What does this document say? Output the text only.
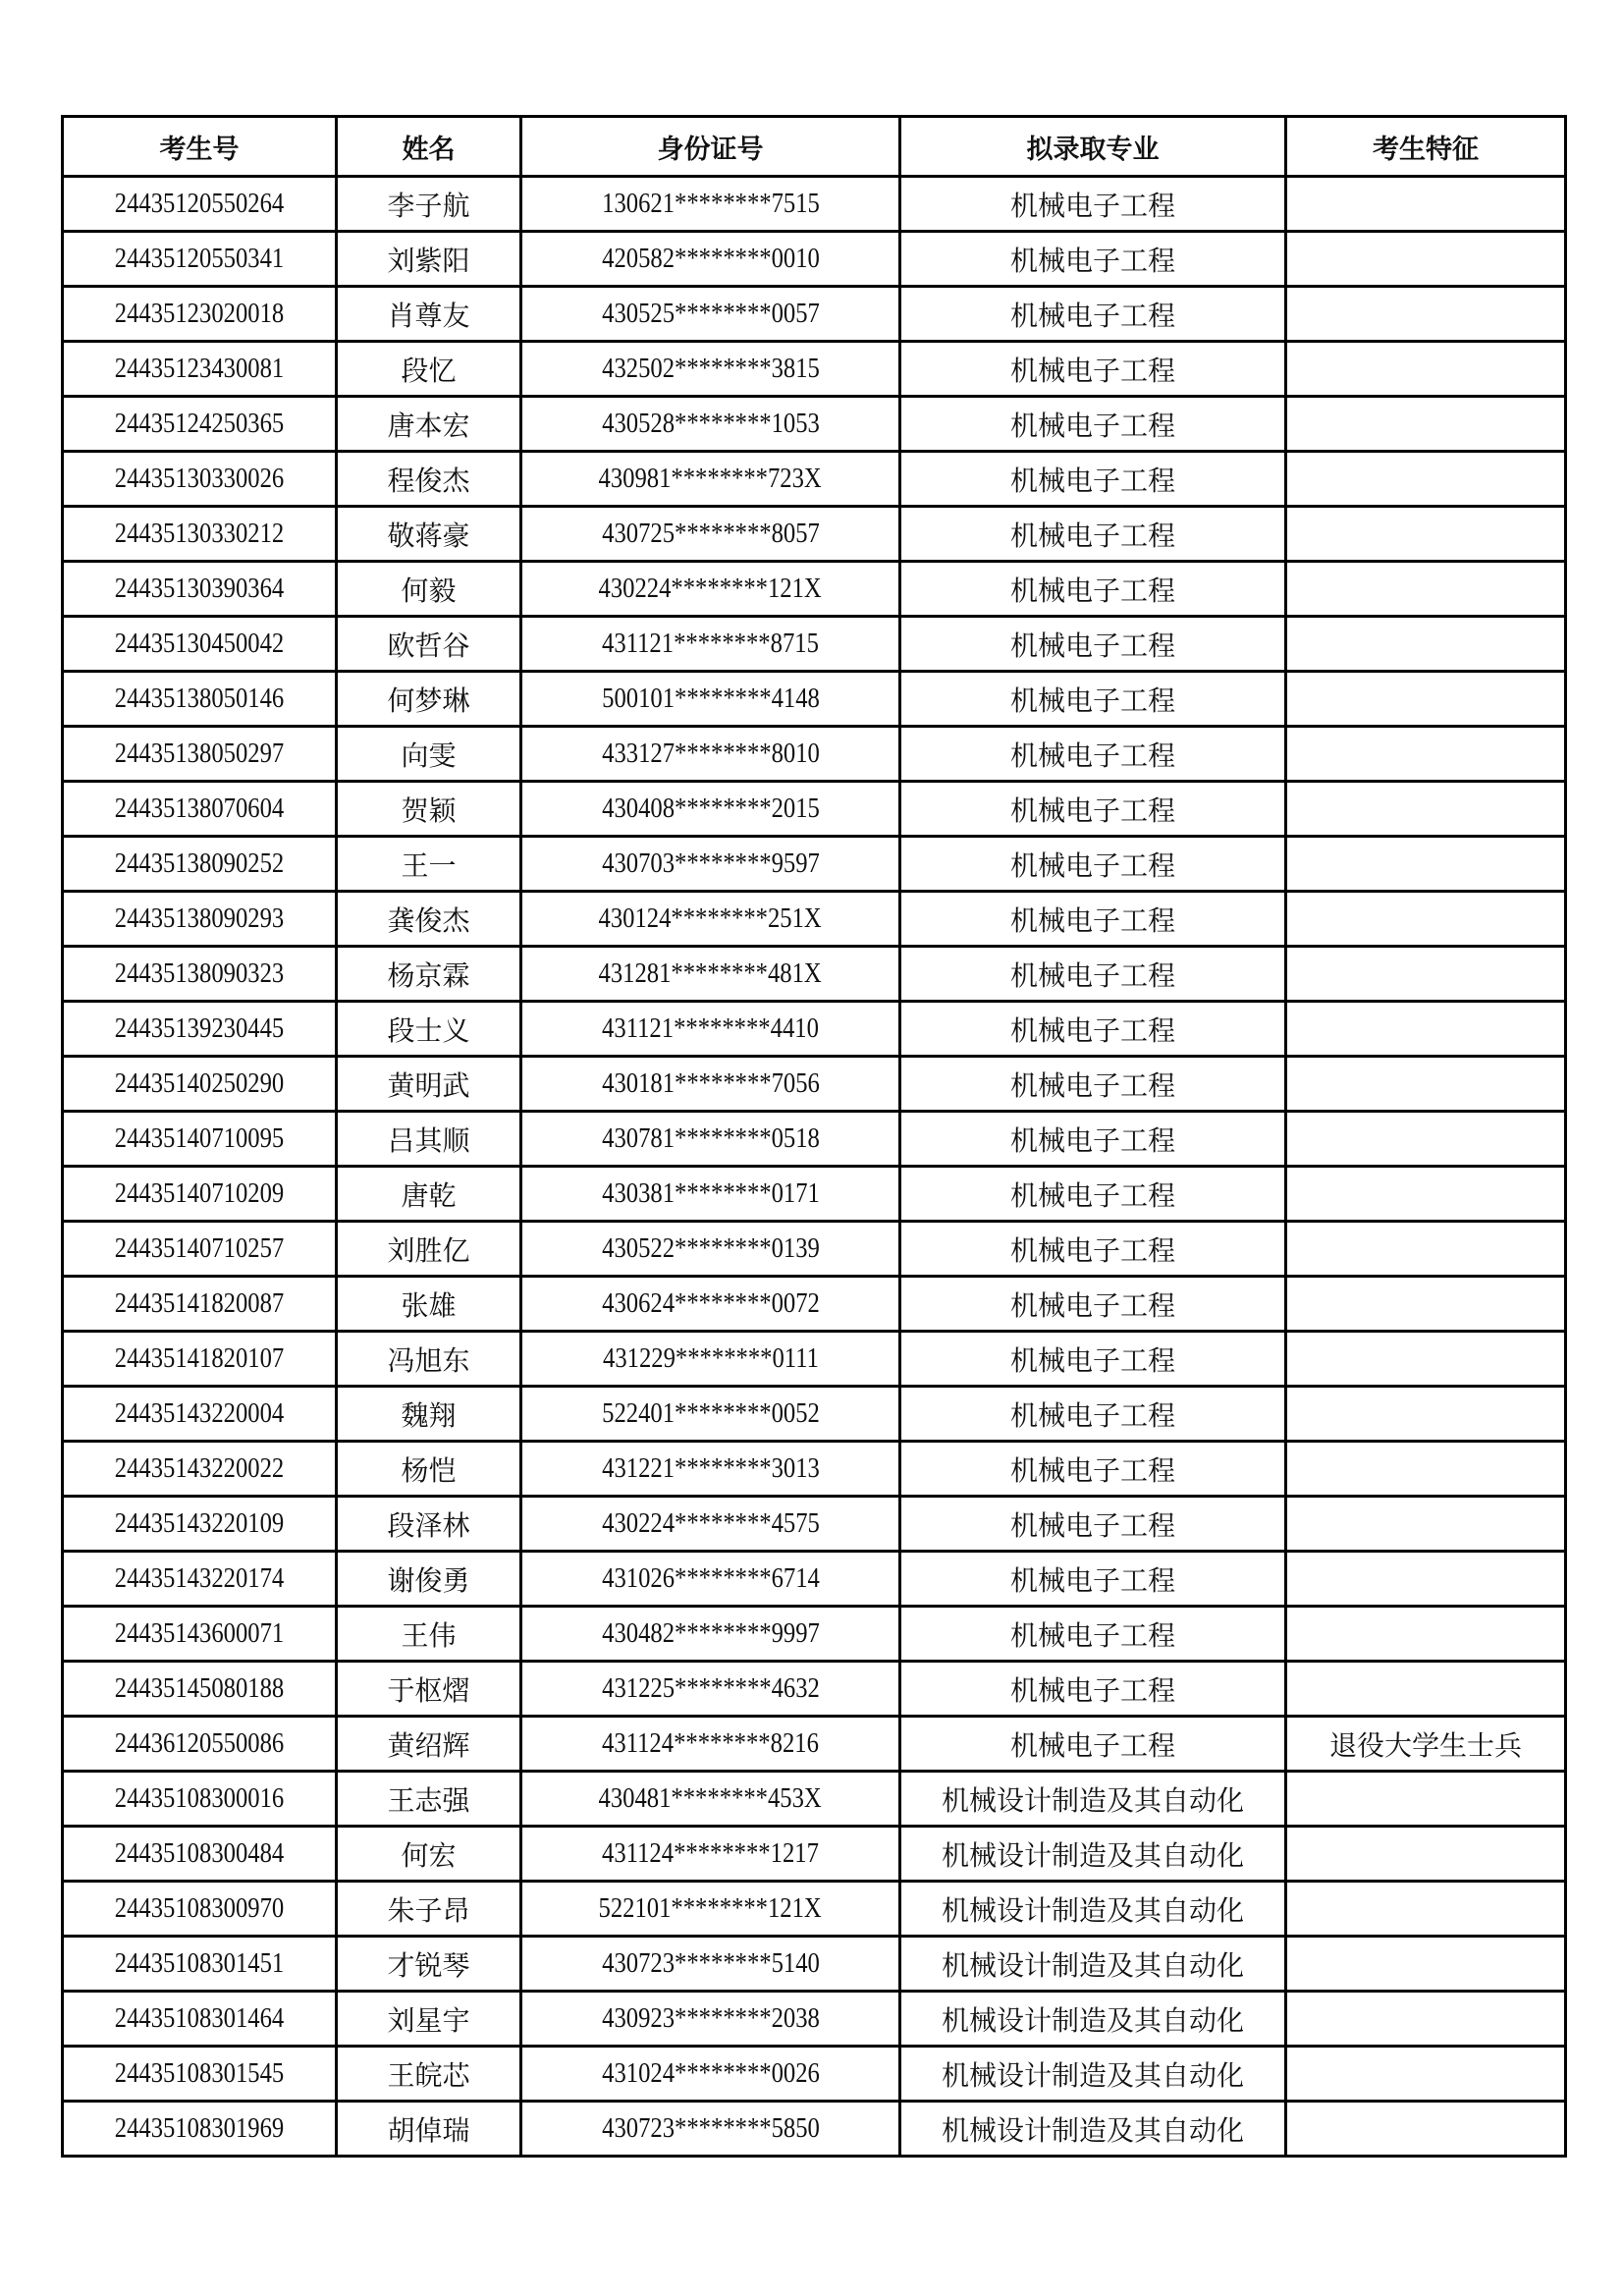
考生号	姓名	身份证号	拟录取专业	考生特征
24435120550264	李子航	130621********7515	机械电子工程	
24435120550341	刘紫阳	420582********0010	机械电子工程	
24435123020018	肖尊友	430525********0057	机械电子工程	
24435123430081	段忆	432502********3815	机械电子工程	
24435124250365	唐本宏	430528********1053	机械电子工程	
24435130330026	程俊杰	430981********723X	机械电子工程	
24435130330212	敬蒋豪	430725********8057	机械电子工程	
24435130390364	何毅	430224********121X	机械电子工程	
24435130450042	欧哲谷	431121********8715	机械电子工程	
24435138050146	何梦琳	500101********4148	机械电子工程	
24435138050297	向雯	433127********8010	机械电子工程	
24435138070604	贺颖	430408********2015	机械电子工程	
24435138090252	王一	430703********9597	机械电子工程	
24435138090293	龚俊杰	430124********251X	机械电子工程	
24435138090323	杨京霖	431281********481X	机械电子工程	
24435139230445	段士义	431121********4410	机械电子工程	
24435140250290	黄明武	430181********7056	机械电子工程	
24435140710095	吕其顺	430781********0518	机械电子工程	
24435140710209	唐乾	430381********0171	机械电子工程	
24435140710257	刘胜亿	430522********0139	机械电子工程	
24435141820087	张雄	430624********0072	机械电子工程	
24435141820107	冯旭东	431229********0111	机械电子工程	
24435143220004	魏翔	522401********0052	机械电子工程	
24435143220022	杨恺	431221********3013	机械电子工程	
24435143220109	段泽林	430224********4575	机械电子工程	
24435143220174	谢俊勇	431026********6714	机械电子工程	
24435143600071	王伟	430482********9997	机械电子工程	
24435145080188	于枢熠	431225********4632	机械电子工程	
24436120550086	黄绍辉	431124********8216	机械电子工程	退役大学生士兵
24435108300016	王志强	430481********453X	机械设计制造及其自动化	
24435108300484	何宏	431124********1217	机械设计制造及其自动化	
24435108300970	朱子昂	522101********121X	机械设计制造及其自动化	
24435108301451	才锐琴	430723********5140	机械设计制造及其自动化	
24435108301464	刘星宇	430923********2038	机械设计制造及其自动化	
24435108301545	王皖芯	431024********0026	机械设计制造及其自动化	
24435108301969	胡倬瑞	430723********5850	机械设计制造及其自动化	
